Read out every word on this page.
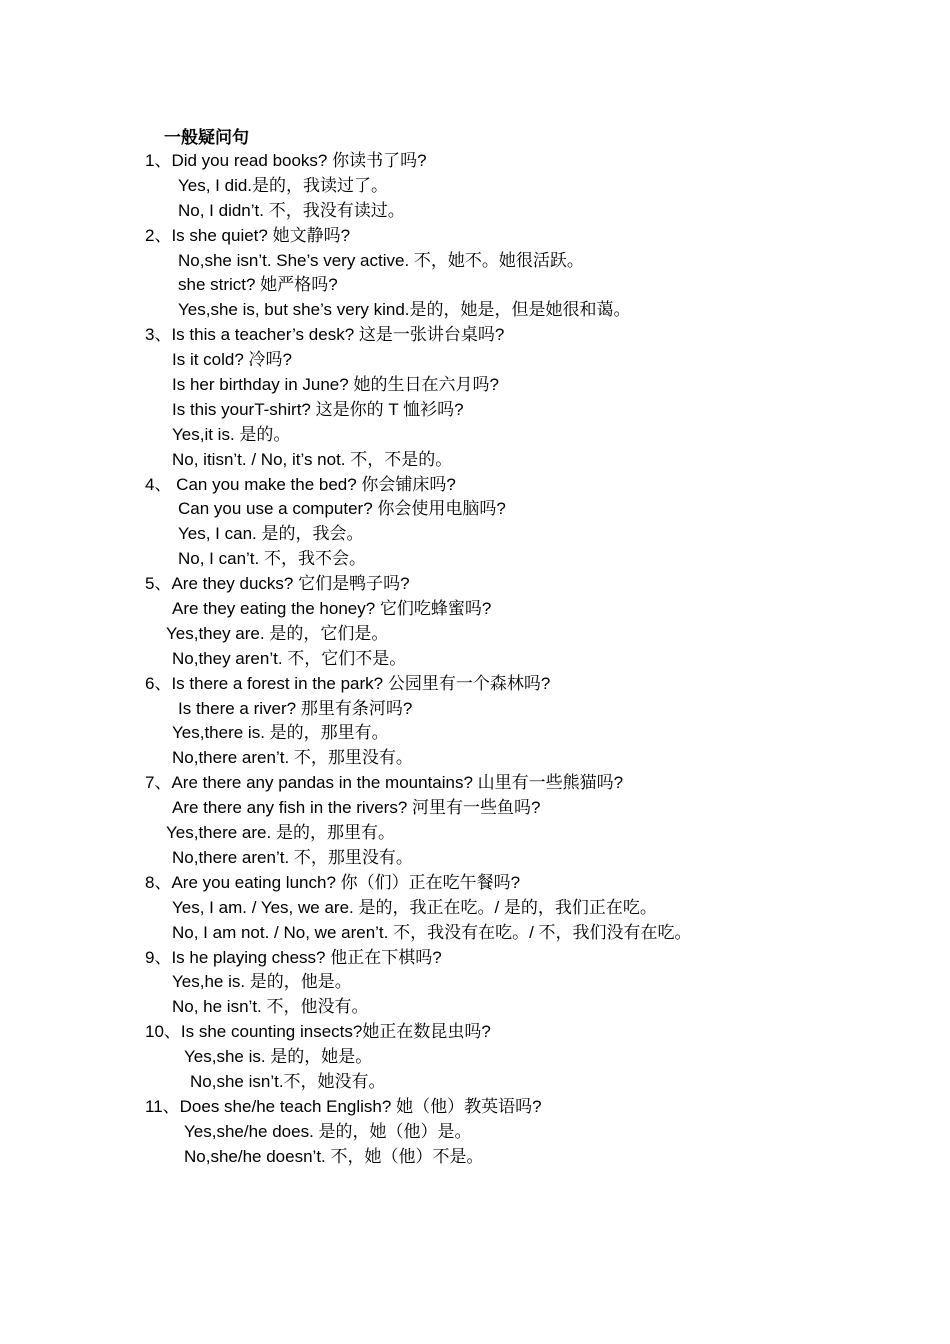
一般疑问句
1、Did you read books? 你读书了吗?
Yes, I did.是的，我读过了。
No, I didn’t. 不，我没有读过。
2、Is she quiet? 她文静吗?
No,she isn’t. She’s very active. 不，她不。她很活跃。
she strict? 她严格吗?
Yes,she is, but she’s very kind.是的，她是，但是她很和蔼。
3、Is this a teacher’s desk? 这是一张讲台桌吗?
Is it cold? 冷吗?
Is her birthday in June? 她的生日在六月吗?
Is this yourT-shirt? 这是你的 T 恤衫吗?
Yes,it is. 是的。
No, itisn’t. / No, it’s not. 不，不是的。
4、 Can you make the bed? 你会铺床吗?
Can you use a computer? 你会使用电脑吗?
Yes, I can. 是的，我会。
No, I can’t. 不，我不会。
5、Are they ducks? 它们是鸭子吗?
Are they eating the honey? 它们吃蜂蜜吗?
Yes,they are. 是的，它们是。
No,they aren’t. 不，它们不是。
6、Is there a forest in the park? 公园里有一个森林吗?
Is there a river? 那里有条河吗?
Yes,there is. 是的，那里有。
No,there aren’t. 不，那里没有。
7、Are there any pandas in the mountains? 山里有一些熊猫吗?
Are there any fish in the rivers? 河里有一些鱼吗?
Yes,there are. 是的，那里有。
No,there aren’t. 不，那里没有。
8、Are you eating lunch? 你（们）正在吃午餐吗?
Yes, I am. / Yes, we are. 是的，我正在吃。/ 是的，我们正在吃。
No, I am not. / No, we aren’t. 不，我没有在吃。/ 不，我们没有在吃。
9、Is he playing chess? 他正在下棋吗?
Yes,he is. 是的，他是。
No, he isn’t. 不，他没有。
10、Is she counting insects?她正在数昆虫吗?
Yes,she is. 是的，她是。
No,she isn’t.不，她没有。
11、Does she/he teach English? 她（他）教英语吗?
Yes,she/he does. 是的，她（他）是。
No,she/he doesn’t. 不，她（他）不是。
